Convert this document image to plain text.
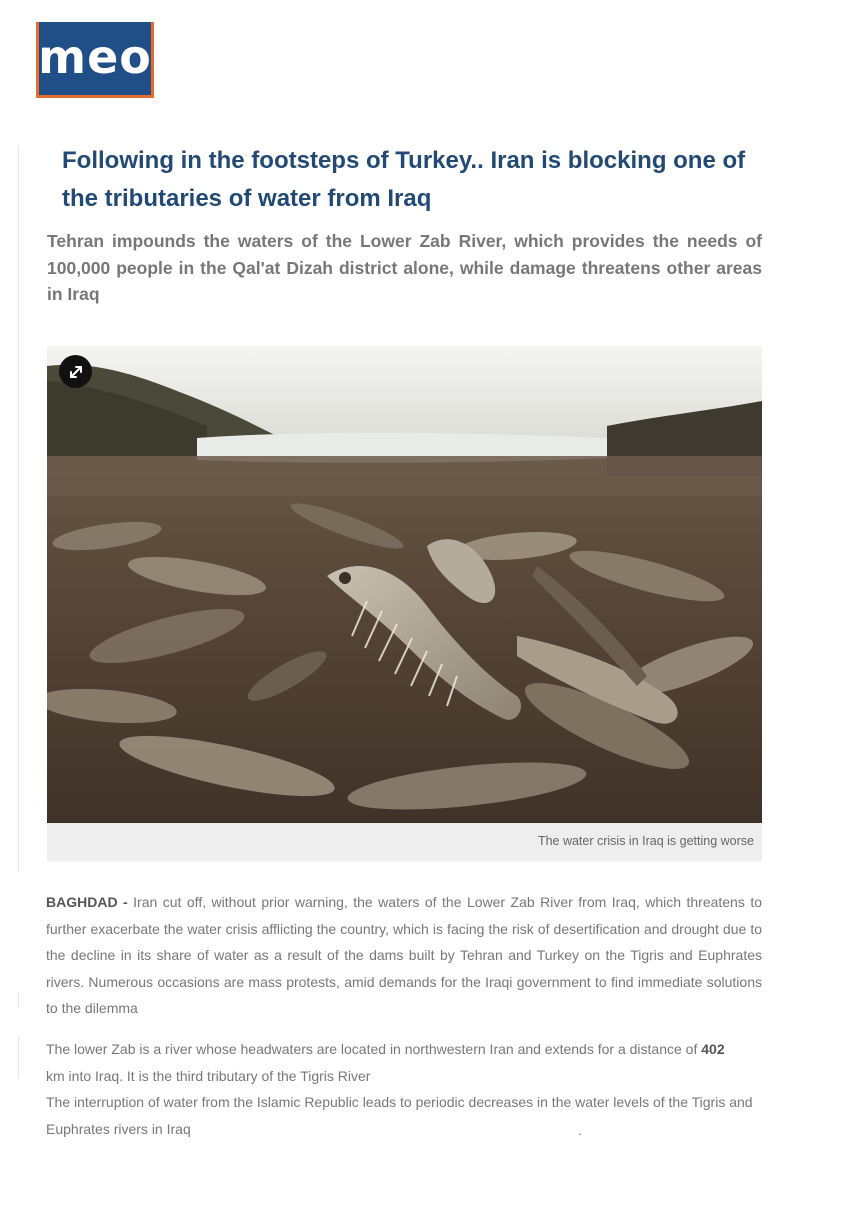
meo
Following in the footsteps of Turkey.. Iran is blocking one of the tributaries of water from Iraq

Tehran impounds the waters of the Lower Zab River, which provides the needs of 100,000 people in the Qal'at Dizah district alone, while damage threatens other areas in Iraq

The water crisis in Iraq is getting worse

BAGHDAD - Iran cut off, without prior warning, the waters of the Lower Zab River from Iraq, which threatens to further exacerbate the water crisis afflicting the country, which is facing the risk of desertification and drought due to the decline in its share of water as a result of the dams built by Tehran and Turkey on the Tigris and Euphrates rivers. Numerous occasions are mass protests, amid demands for the Iraqi government to find immediate solutions to the dilemma

The lower Zab is a river whose headwaters are located in northwestern Iran and extends for a distance of 402
km into Iraq. It is the third tributary of the Tigris River
The interruption of water from the Islamic Republic leads to periodic decreases in the water levels of the Tigris and Euphrates rivers in Iraq	.
